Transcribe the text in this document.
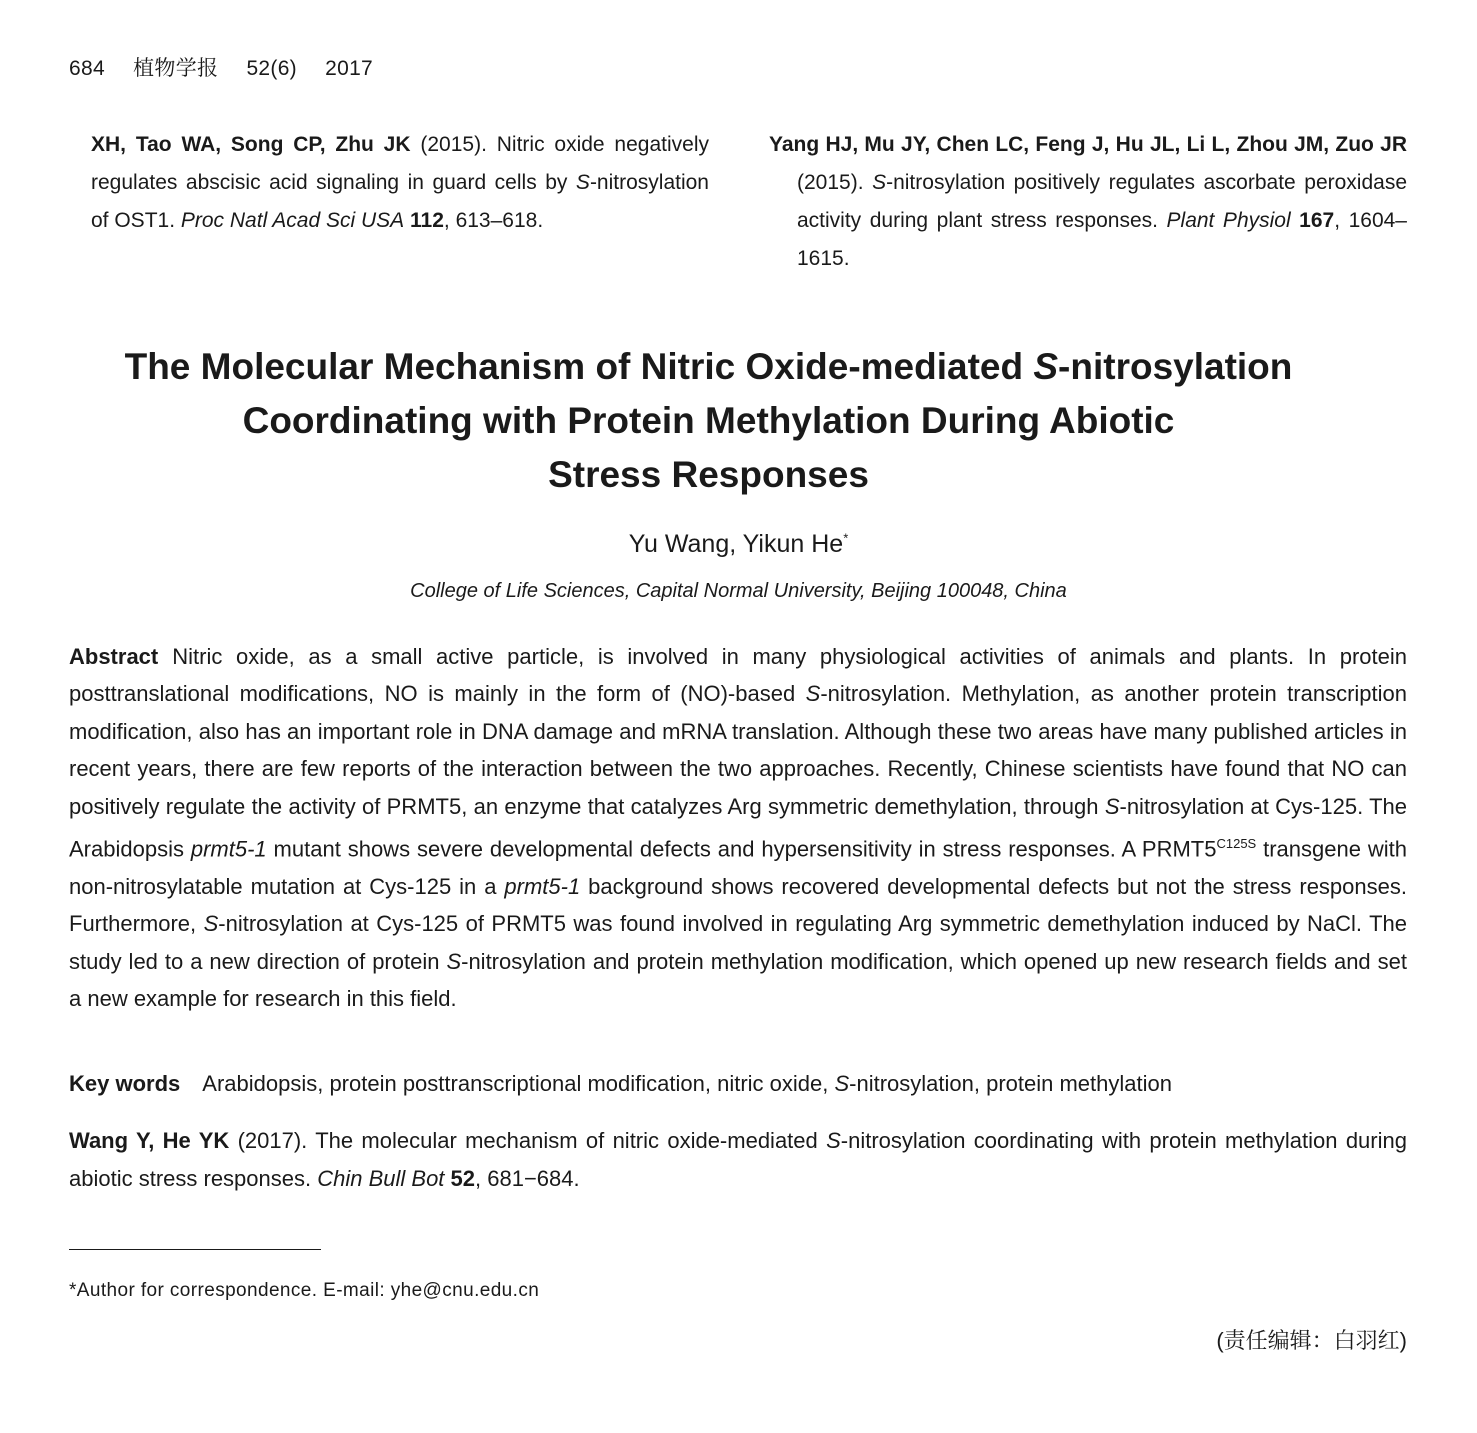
684 植物学报 52(6) 2017
XH, Tao WA, Song CP, Zhu JK (2015). Nitric oxide negatively regulates abscisic acid signaling in guard cells by S-nitrosylation of OST1. Proc Natl Acad Sci USA 112, 613–618.
Yang HJ, Mu JY, Chen LC, Feng J, Hu JL, Li L, Zhou JM, Zuo JR (2015). S-nitrosylation positively regulates ascorbate peroxidase activity during plant stress responses. Plant Physiol 167, 1604–1615.
The Molecular Mechanism of Nitric Oxide-mediated S-nitrosylation
Coordinating with Protein Methylation During Abiotic
Stress Responses
Yu Wang, Yikun He*
College of Life Sciences, Capital Normal University, Beijing 100048, China
Abstract Nitric oxide, as a small active particle, is involved in many physiological activities of animals and plants. In protein posttranslational modifications, NO is mainly in the form of (NO)-based S-nitrosylation. Methylation, as another protein transcription modification, also has an important role in DNA damage and mRNA translation. Although these two areas have many published articles in recent years, there are few reports of the interaction between the two approaches. Recently, Chinese scientists have found that NO can positively regulate the activity of PRMT5, an enzyme that catalyzes Arg symmetric demethylation, through S-nitrosylation at Cys-125. The Arabidopsis prmt5-1 mutant shows severe developmental defects and hypersensitivity in stress responses. A $PRMT5^{C125S}$ transgene with non-nitrosylatable mutation at Cys-125 in a prmt5-1 background shows recovered developmental defects but not the stress responses. Furthermore, S-nitrosylation at Cys-125 of PRMT5 was found involved in regulating Arg symmetric demethylation induced by NaCl. The study led to a new direction of protein S-nitrosylation and protein methylation modification, which opened up new research fields and set a new example for research in this field.
Key words Arabidopsis, protein posttranscriptional modification, nitric oxide, S-nitrosylation, protein methylation
Wang Y, He YK (2017). The molecular mechanism of nitric oxide-mediated S-nitrosylation coordinating with protein methylation during abiotic stress responses. Chin Bull Bot 52, 681−684.
*Author for correspondence. E-mail: yhe@cnu.edu.cn
(责任编辑：白羽红)
